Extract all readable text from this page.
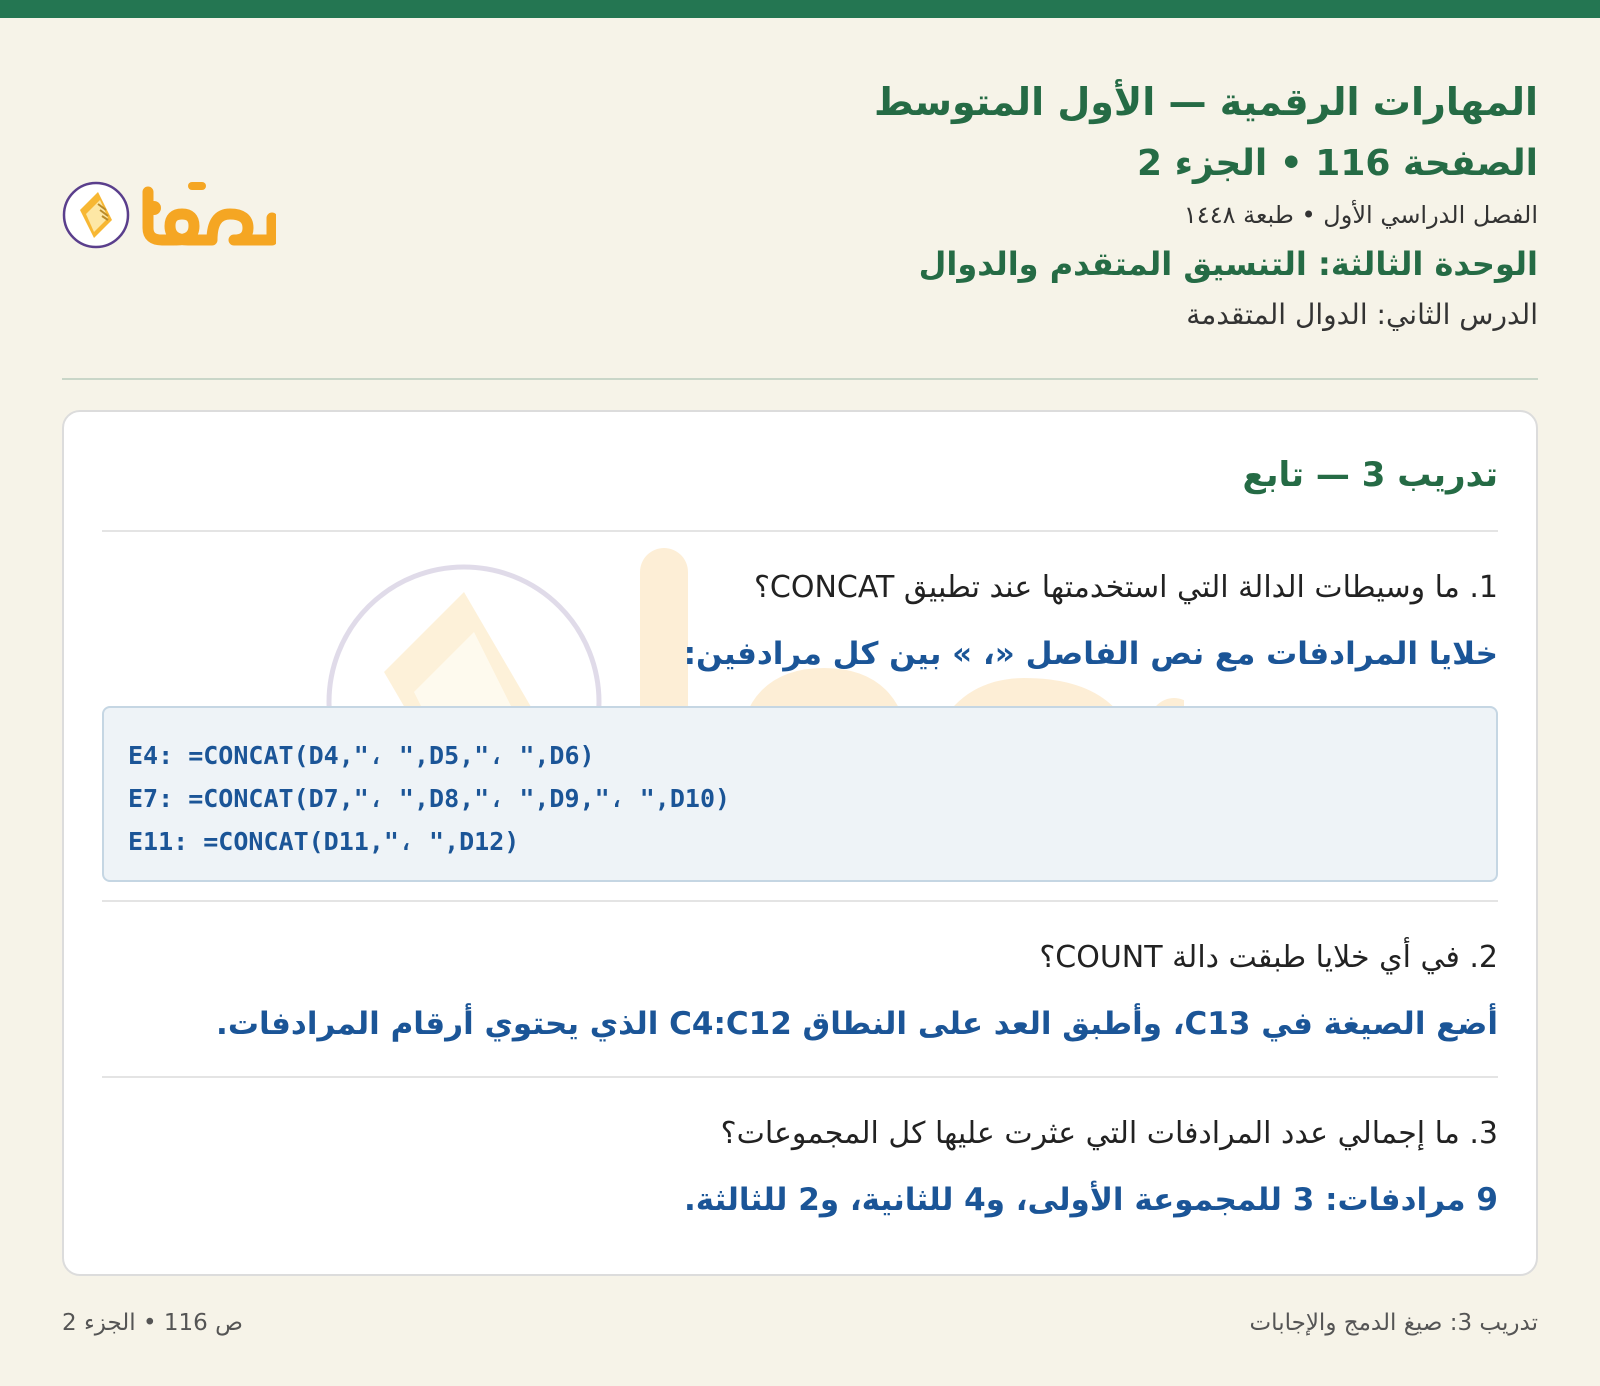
المهارات الرقمية — الأول المتوسط
الصفحة 116 • الجزء 2
الفصل الدراسي الأول • طبعة ١٤٤٨
الوحدة الثالثة: التنسيق المتقدم والدوال
الدرس الثاني: الدوال المتقدمة
تدريب 3 — تابع
1. ما وسيطات الدالة التي استخدمتها عند تطبيق CONCAT؟
خلايا المرادفات مع نص الفاصل «، » بين كل مرادفين:
E4: =CONCAT(D4,"، ",D5,"، ",D6)
E7: =CONCAT(D7,"، ",D8,"، ",D9,"، ",D10)
E11: =CONCAT(D11,"، ",D12)
2. في أي خلايا طبقت دالة COUNT؟
أضع الصيغة في C13، وأطبق العد على النطاق C4:C12 الذي يحتوي أرقام المرادفات.
3. ما إجمالي عدد المرادفات التي عثرت عليها كل المجموعات؟
9 مرادفات: 3 للمجموعة الأولى، و4 للثانية، و2 للثالثة.
تدريب 3: صيغ الدمج والإجابات
ص 116 • الجزء 2
